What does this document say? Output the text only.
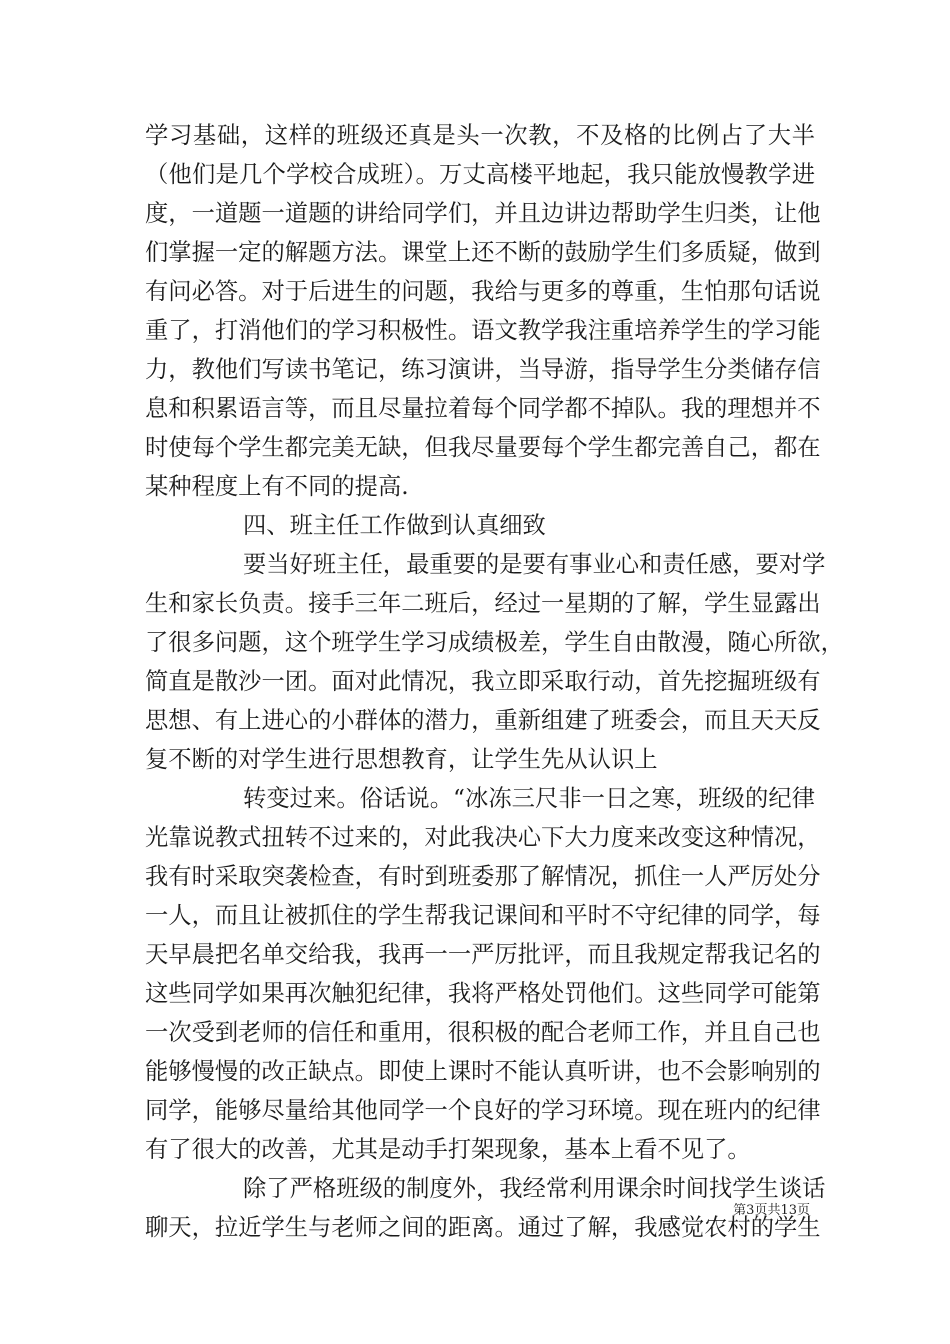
学习基础，这样的班级还真是头一次教，不及格的比例占了大半
（他们是几个学校合成班）。万丈高楼平地起，我只能放慢教学进
度，一道题一道题的讲给同学们，并且边讲边帮助学生归类，让他
们掌握一定的解题方法。课堂上还不断的鼓励学生们多质疑，做到
有问必答。对于后进生的问题，我给与更多的尊重，生怕那句话说
重了，打消他们的学习积极性。语文教学我注重培养学生的学习能
力，教他们写读书笔记，练习演讲，当导游，指导学生分类储存信
息和积累语言等，而且尽量拉着每个同学都不掉队。我的理想并不
时使每个学生都完美无缺，但我尽量要每个学生都完善自己，都在
某种程度上有不同的提高.
四、班主任工作做到认真细致
要当好班主任，最重要的是要有事业心和责任感，要对学
生和家长负责。接手三年二班后，经过一星期的了解，学生显露出
了很多问题，这个班学生学习成绩极差，学生自由散漫，随心所欲，
简直是散沙一团。面对此情况，我立即采取行动，首先挖掘班级有
思想、有上进心的小群体的潜力，重新组建了班委会，而且天天反
复不断的对学生进行思想教育，让学生先从认识上
转变过来。俗话说。“冰冻三尺非一日之寒，班级的纪律
光靠说教式扭转不过来的，对此我决心下大力度来改变这种情况，
我有时采取突袭检查，有时到班委那了解情况，抓住一人严厉处分
一人，而且让被抓住的学生帮我记课间和平时不守纪律的同学，每
天早晨把名单交给我，我再一一严厉批评，而且我规定帮我记名的
这些同学如果再次触犯纪律，我将严格处罚他们。这些同学可能第
一次受到老师的信任和重用，很积极的配合老师工作，并且自己也
能够慢慢的改正缺点。即使上课时不能认真听讲，也不会影响别的
同学，能够尽量给其他同学一个良好的学习环境。现在班内的纪律
有了很大的改善，尤其是动手打架现象，基本上看不见了。
除了严格班级的制度外，我经常利用课余时间找学生谈话
聊天，拉近学生与老师之间的距离。通过了解，我感觉农村的学生
第3页共13页
